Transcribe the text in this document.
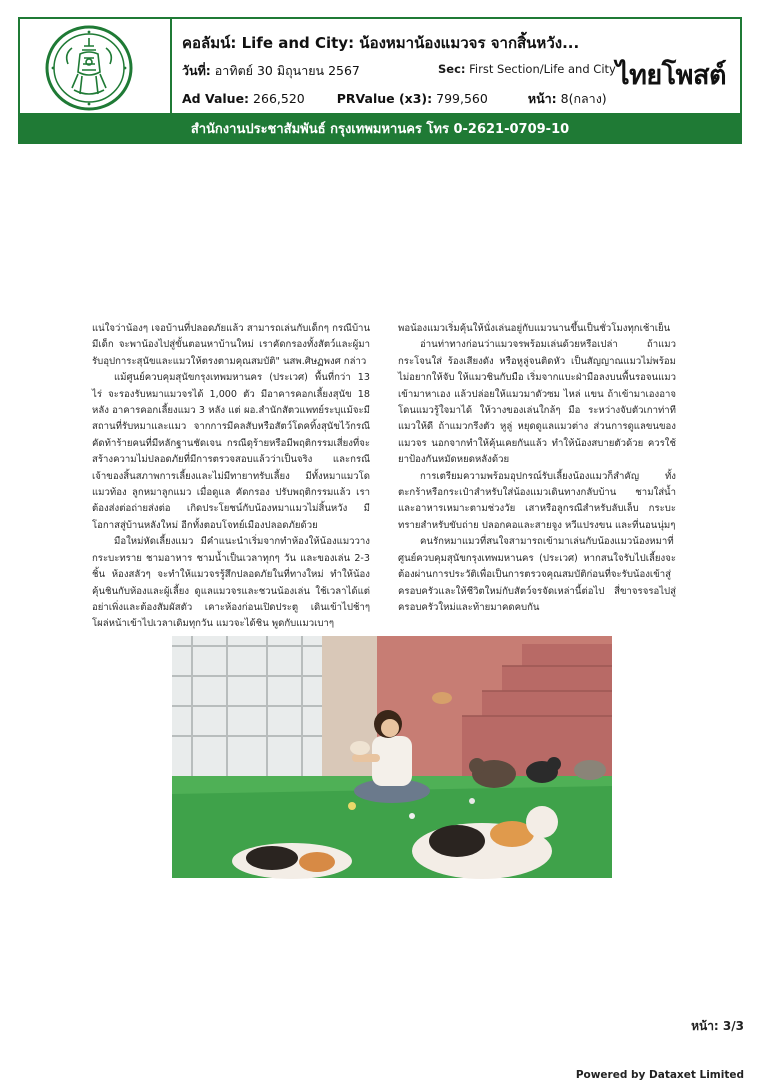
คอลัมน์: Life and City: น้องหมาน้องแมวจร จากสิ้นหวัง...
วันที่: อาทิตย์ 30 มิถุนายน 2567	Sec: First Section/Life and City
Ad Value: 266,520	PRValue (x3): 799,560	หน้า: 8(กลาง)
ไทยโพสต์
สำนักงานประชาสัมพันธ์ กรุงเทพมหานคร โทร 0-2621-0709-10

แน่ใจว่าน้องๆ เจอบ้านที่ปลอดภัยแล้ว สามารถเล่นกับเด็กๆ กรณีบ้านมีเด็ก จะพาน้องไปสู่ขั้นตอนหาบ้านใหม่ เราคัดกรองทั้งสัตว์และผู้มารับอุปการะสุนัขและแมวให้ตรงตามคุณสมบัติ" นสพ.ศิษฏพงศ กล่าว

แม้ศูนย์ควบคุมสุนัขกรุงเทพมหานคร (ประเวศ) พื้นที่กว่า 13 ไร่ จะรองรับหมาแมวจรได้ 1,000 ตัว มีอาคารคอกเลี้ยงสุนัข 18 หลัง อาคารคอกเลี้ยงแมว 3 หลัง แต่ ผอ.สำนักสัตวแพทย์ระบุแม้จะมีสถานที่รับหมาและแมว จากการมีคลสับหรือสัตว์โดคทิ้งสุนัขไว้กรณีคัดท้าร้ายคนที่มีหลักฐานชัดเจน กรณีดุร้ายหรือมีพฤติกรรมเสี่ยงที่จะสร้างความไม่ปลอดภัยที่มีการตรวจสอบแล้วว่าเป็นจริง และกรณีเจ้าของสิ้นสภาพการเลี้ยงและไม่มีทายาทรับเลี้ยง มีทั้งหมาแมวโดแมวท้อง ลูกหมาลูกแมว เมื่อดูแล คัดกรอง ปรับพฤติกรรมแล้ว เราต้องส่งต่อถ่ายส่งต่อ เกิดประโยชน์กับน้องหมาแมวไม่สิ้นหวัง มีโอกาสสู่บ้านหลังใหม่ อีกทั้งตอบโจทย์เมืองปลอดภัยด้วย

มือใหม่หัดเลี้ยงแมว มีคำแนะนำเริ่มจากทำห้องให้น้องแมววางกระบะทราย ชามอาหาร ชามน้ำเป็นเวลาทุกๆ วัน และของเล่น 2-3 ชิ้น ห้องสลัวๆ จะทำให้แมวจรรู้สึกปลอดภัยในที่ทางใหม่ ทำให้น้องคุ้นชินกับห้องและผู้เลี้ยง ดูแลแมวจรและชวนน้องเล่น ใช้เวลาได้แต่อย่าเพิ่งและต้องสัมผัสตัว เคาะห้องก่อนเปิดประตู เดินเข้าไปช้าๆ โผล่หน้าเข้าไปเวลาเดิมทุกวัน แมวจะได้ชิน พูดกับแมวเบาๆ

พอน้องแมวเริ่มคุ้นให้นั่งเล่นอยู่กับแมวนานขึ้นเป็นชั่วโมงทุกเช้าเย็น

อ่านท่าทางก่อนว่าแมวจรพร้อมเล่นด้วยหรือเปล่า ถ้าแมวกระโจนใส่ ร้องเสียงดัง หรือหูลู่จนติดหัว เป็นสัญญาณแมวไม่พร้อม ไม่อยากให้จับ ให้แมวชินกับมือ เริ่มจากแบะฝ่ามือลงบนพื้นรอจนแมวเข้ามาหาเอง แล้วปล่อยให้แมวมาดัวซม ไหล่ แขน ถ้าเข้ามาเองอาจโดนแมวรู้ใจมาได้ ให้วางของเล่นใกล้ๆ มือ ระหว่างจับตัวเกาท่าทีแมวให้ดี ถ้าแมวกรีงตัว หูลู่ หยุดดูแลแมวต่าง ส่วนการดูแลขนของแมวจร นอกจากทำให้คุ้นเคยกันแล้ว ทำให้น้องสบายตัวด้วย ควรใช้ยาป้องกันหมัดหยดหลังด้วย

การเตรียมความพร้อมอุปกรณ์รับเลี้ยงน้องแมวก็สำคัญ ทั้งตะกร้าหรือกระเป๋าสำหรับใส่น้องแมวเดินทางกลับบ้าน ชามใส่น้ำและอาหารเหมาะตามช่วงวัย เสาหรือลูกรณีสำหรับลับเล็บ กระบะทรายสำหรับขับถ่าย ปลอกคอและสายจูง หวีแปรงขน และที่นอนนุ่มๆ

คนรักหมาแมวที่สนใจสามารถเข้ามาเล่นกับน้องแมวน้องหมาที่ศูนย์ควบคุมสุนัขกรุงเทพมหานคร (ประเวศ) หากสนใจรับไปเลี้ยงจะต้องผ่านการประวัติเพื่อเป็นการตรวจคุณสมบัติก่อนที่จะรับน้องเข้าสู่ครอบครัวและให้ชีวิตใหม่กับสัตว์จรจัดเหล่านี้ต่อไป สี่ขาจรจรอไปสู่ครอบครัวใหม่และท้ายมาคดคบกัน

หน้า: 3/3
Powered by Dataxet Limited
